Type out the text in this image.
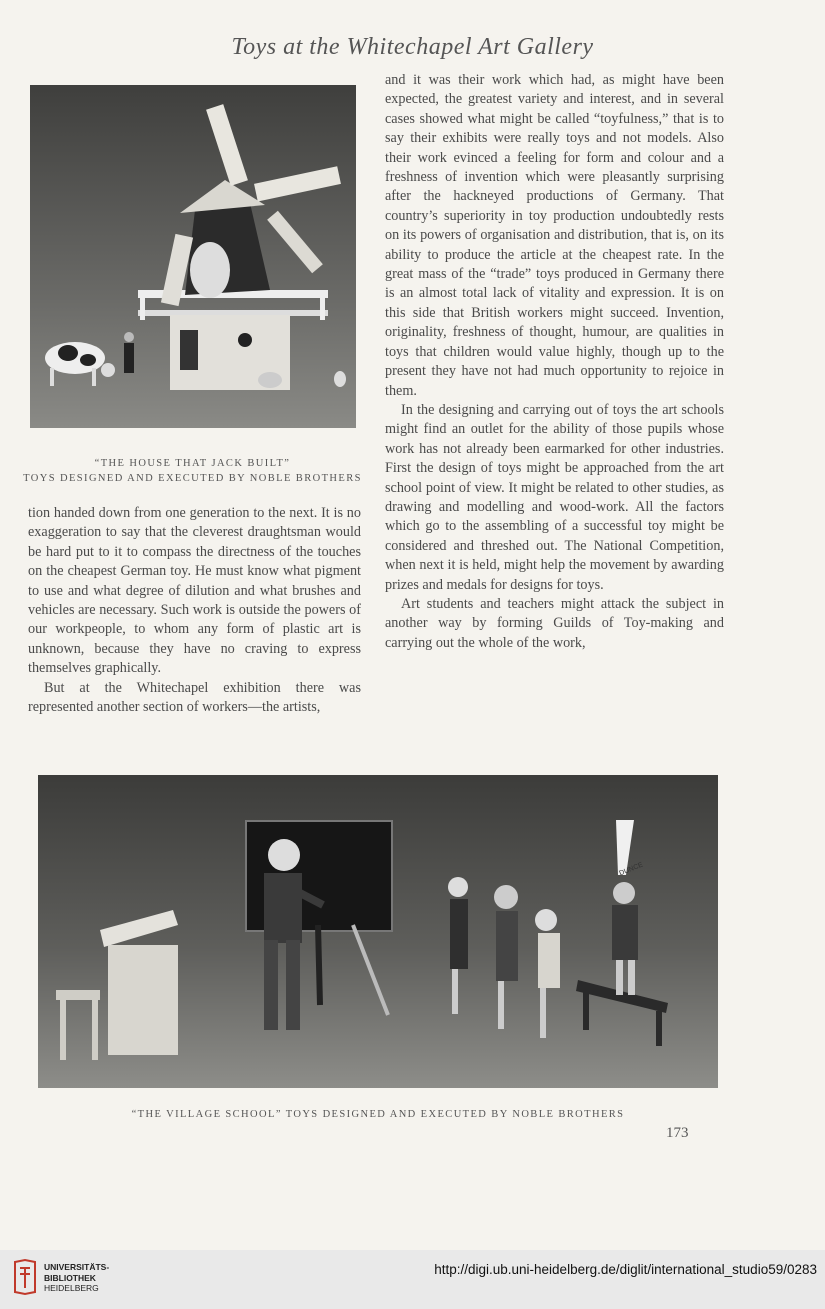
Toys at the Whitechapel Art Gallery
“THE HOUSE THAT JACK BUILT”
TOYS DESIGNED AND EXECUTED BY NOBLE BROTHERS

tion handed down from one generation to the next. It is no exaggeration to say that the cleverest draughtsman would be hard put to it to compass the directness of the touches on the cheapest German toy. He must know what pigment to use and what degree of dilution and what brushes and vehicles are necessary. Such work is outside the powers of our workpeople, to whom any form of plastic art is unknown, because they have no craving to express themselves graphically.

But at the Whitechapel exhibition there was represented another section of workers—the artists,

and it was their work which had, as might have been expected, the greatest variety and interest, and in several cases showed what might be called “toyfulness,” that is to say their exhibits were really toys and not models. Also their work evinced a feeling for form and colour and a freshness of invention which were pleasantly surprising after the hackneyed productions of Germany. That country’s superiority in toy production undoubtedly rests on its powers of organisation and distribution, that is, on its ability to produce the article at the cheapest rate. In the great mass of the “trade” toys produced in Germany there is an almost total lack of vitality and expression. It is on this side that British workers might succeed. Invention, originality, freshness of thought, humour, are qualities in toys that children would value highly, though up to the present they have not had much opportunity to rejoice in them.

In the designing and carrying out of toys the art schools might find an outlet for the ability of those pupils whose work has not already been earmarked for other industries. First the design of toys might be approached from the art school point of view. It might be related to other studies, as drawing and modelling and wood-work. All the factors which go to the assembling of a successful toy might be considered and threshed out. The National Competition, when next it is held, might help the movement by awarding prizes and medals for designs for toys.

Art students and teachers might attack the subject in another way by forming Guilds of Toy-making and carrying out the whole of the work,

DUNCE
“THE VILLAGE SCHOOL” TOYS DESIGNED AND EXECUTED BY NOBLE BROTHERS
173
UNIVERSITÄTS-
BIBLIOTHEK
HEIDELBERG
http://digi.ub.uni-heidelberg.de/diglit/international_studio59/0283
